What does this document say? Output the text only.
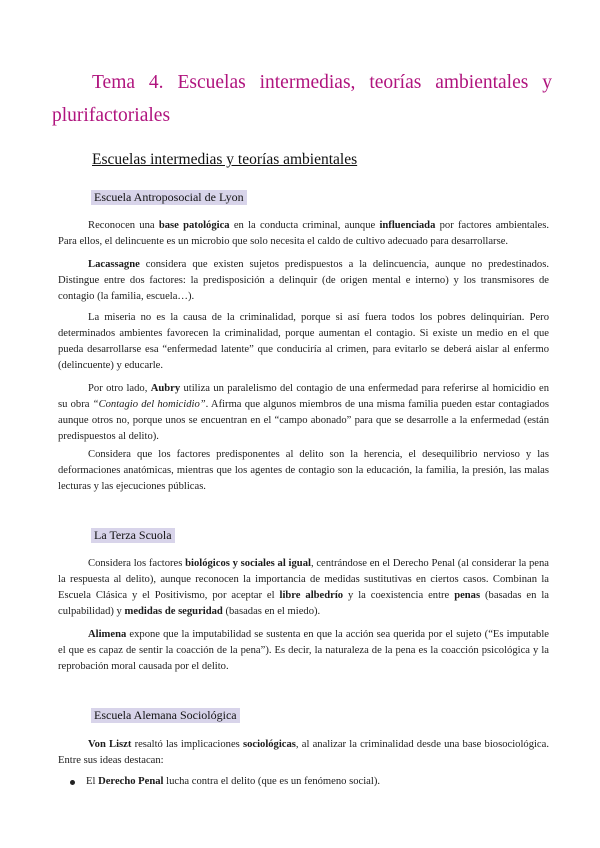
Tema 4. Escuelas intermedias, teorías ambientales y
plurifactoriales
Escuelas intermedias y teorías ambientales
Escuela Antroposocial de Lyon

Reconocen una base patológica en la conducta criminal, aunque influenciada por factores ambientales. Para ellos, el delincuente es un microbio que solo necesita el caldo de cultivo adecuado para desarrollarse.

Lacassagne considera que existen sujetos predispuestos a la delincuencia, aunque no predestinados. Distingue entre dos factores: la predisposición a delinquir (de origen mental e interno) y los transmisores de contagio (la familia, escuela…).

La miseria no es la causa de la criminalidad, porque si así fuera todos los pobres delinquirían. Pero determinados ambientes favorecen la criminalidad, porque aumentan el contagio. Si existe un medio en el que pueda desarrollarse esa “enfermedad latente” que conduciría al crimen, para evitarlo se deberá aislar al enfermo (delincuente) y educarle.

Por otro lado, Aubry utiliza un paralelismo del contagio de una enfermedad para referirse al homicidio en su obra “Contagio del homicidio”. Afirma que algunos miembros de una misma familia pueden estar contagiados aunque otros no, porque unos se encuentran en el “campo abonado” para que se desarrolle a la enfermedad (están predispuestos al delito).

Considera que los factores predisponentes al delito son la herencia, el desequilibrio nervioso y las deformaciones anatómicas, mientras que los agentes de contagio son la educación, la familia, la presión, las malas lecturas y las ejecuciones públicas.

La Terza Scuola

Considera los factores biológicos y sociales al igual, centrándose en el Derecho Penal (al considerar la pena la respuesta al delito), aunque reconocen la importancia de medidas sustitutivas en ciertos casos. Combinan la Escuela Clásica y el Positivismo, por aceptar el libre albedrío y la coexistencia entre penas (basadas en la culpabilidad) y medidas de seguridad (basadas en el miedo).

Alimena expone que la imputabilidad se sustenta en que la acción sea querida por el sujeto (“Es imputable el que es capaz de sentir la coacción de la pena”). Es decir, la naturaleza de la pena es la coacción psicológica y la reprobación moral causada por el delito.

Escuela Alemana Sociológica

Von Liszt resaltó las implicaciones sociológicas, al analizar la criminalidad desde una base biosociológica. Entre sus ideas destacan:

El Derecho Penal lucha contra el delito (que es un fenómeno social).
